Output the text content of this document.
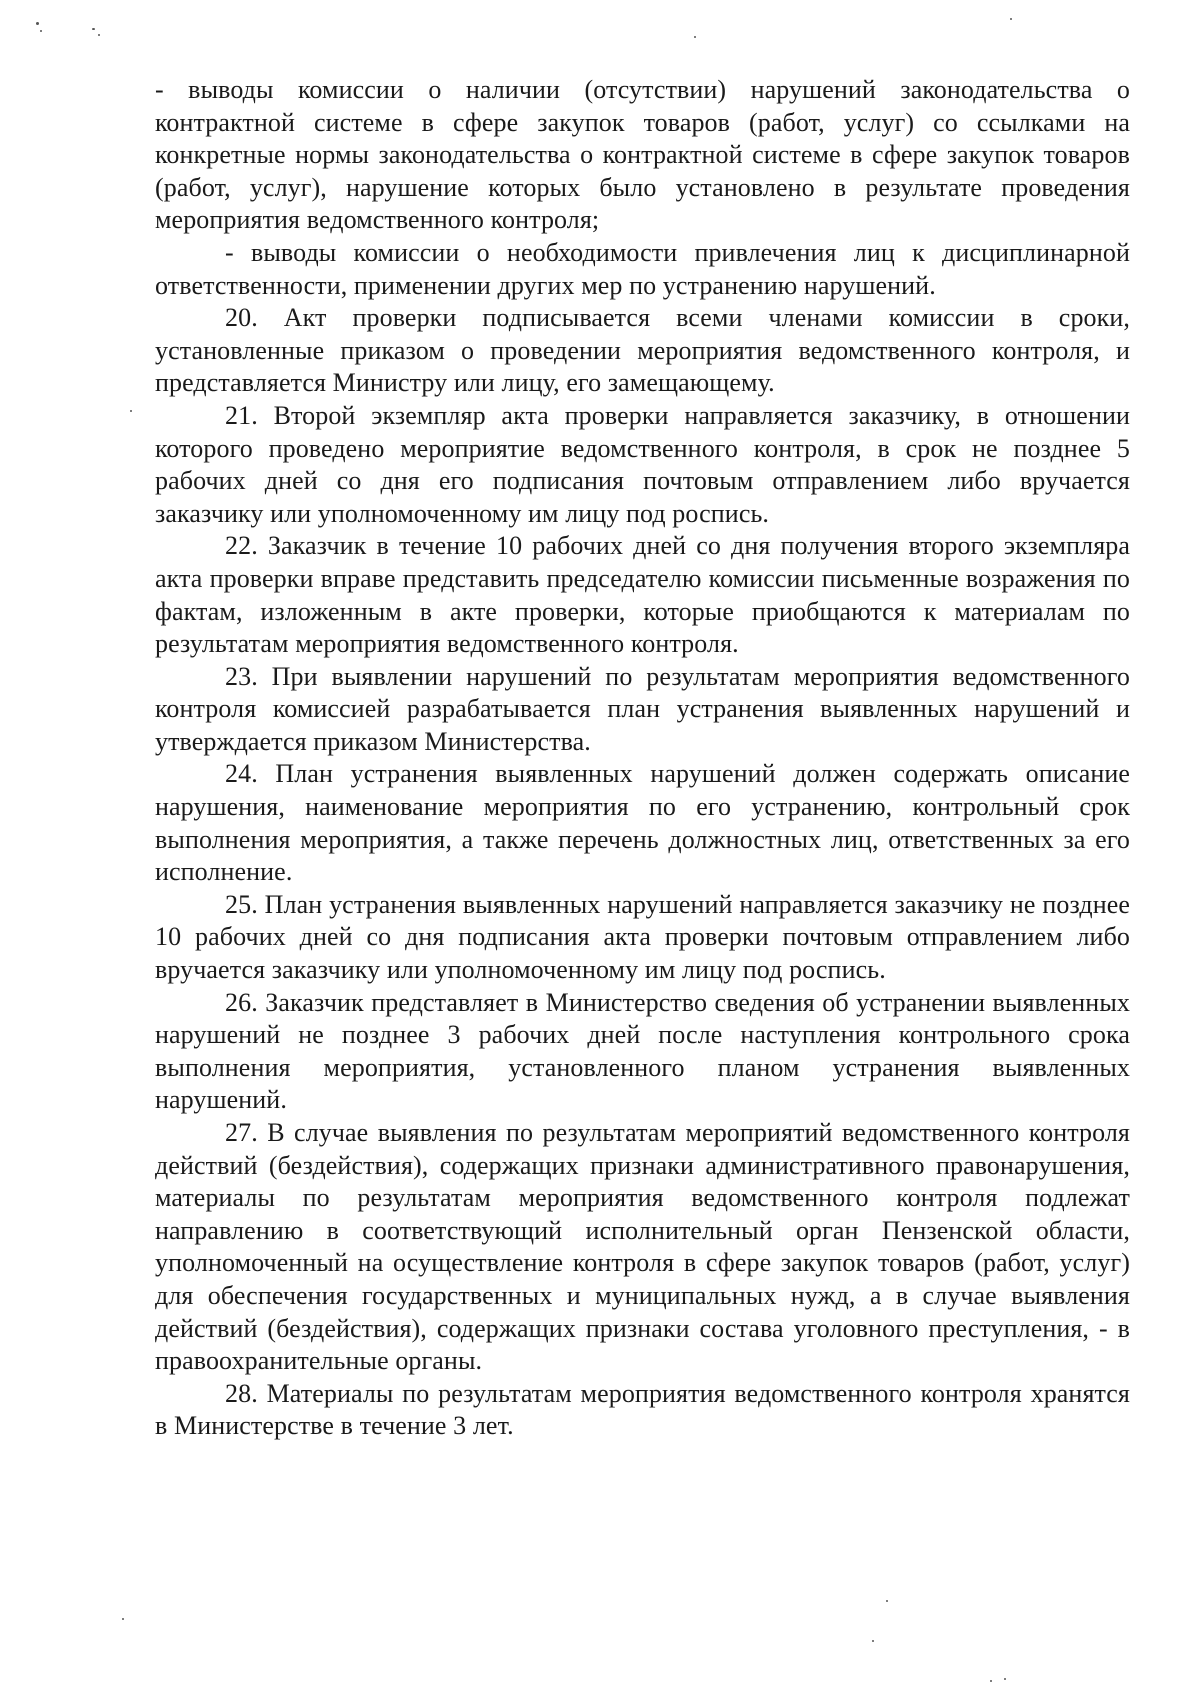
- выводы комиссии о наличии (отсутствии) нарушений законодательства о контрактной системе в сфере закупок товаров (работ, услуг) со ссылками на конкретные нормы законодательства о контрактной системе в сфере закупок товаров (работ, услуг), нарушение которых было установлено в результате проведения мероприятия ведомственного контроля;

- выводы комиссии о необходимости привлечения лиц к дисциплинарной ответственности, применении других мер по устранению нарушений.

20. Акт проверки подписывается всеми членами комиссии в сроки, установленные приказом о проведении мероприятия ведомственного контроля, и представляется Министру или лицу, его замещающему.

21. Второй экземпляр акта проверки направляется заказчику, в отношении которого проведено мероприятие ведомственного контроля, в срок не позднее 5 рабочих дней со дня его подписания почтовым отправлением либо вручается заказчику или уполномоченному им лицу под роспись.

22. Заказчик в течение 10 рабочих дней со дня получения второго экземпляра акта проверки вправе представить председателю комиссии письменные возражения по фактам, изложенным в акте проверки, которые приобщаются к материалам по результатам мероприятия ведомственного контроля.

23. При выявлении нарушений по результатам мероприятия ведомственного контроля комиссией разрабатывается план устранения выявленных нарушений и утверждается приказом Министерства.

24. План устранения выявленных нарушений должен содержать описание нарушения, наименование мероприятия по его устранению, контрольный срок выполнения мероприятия, а также перечень должностных лиц, ответственных за его исполнение.

25. План устранения выявленных нарушений направляется заказчику не позднее 10 рабочих дней со дня подписания акта проверки почтовым отправлением либо вручается заказчику или уполномоченному им лицу под роспись.

26. Заказчик представляет в Министерство сведения об устранении выявленных нарушений не позднее 3 рабочих дней после наступления контрольного срока выполнения мероприятия, установленного планом устранения выявленных нарушений.

27. В случае выявления по результатам мероприятий ведомственного контроля действий (бездействия), содержащих признаки административного правонарушения, материалы по результатам мероприятия ведомственного контроля подлежат направлению в соответствующий исполнительный орган Пензенской области, уполномоченный на осуществление контроля в сфере закупок товаров (работ, услуг) для обеспечения государственных и муниципальных нужд, а в случае выявления действий (бездействия), содержащих признаки состава уголовного преступления, - в правоохранительные органы.

28. Материалы по результатам мероприятия ведомственного контроля хранятся в Министерстве в течение 3 лет.
